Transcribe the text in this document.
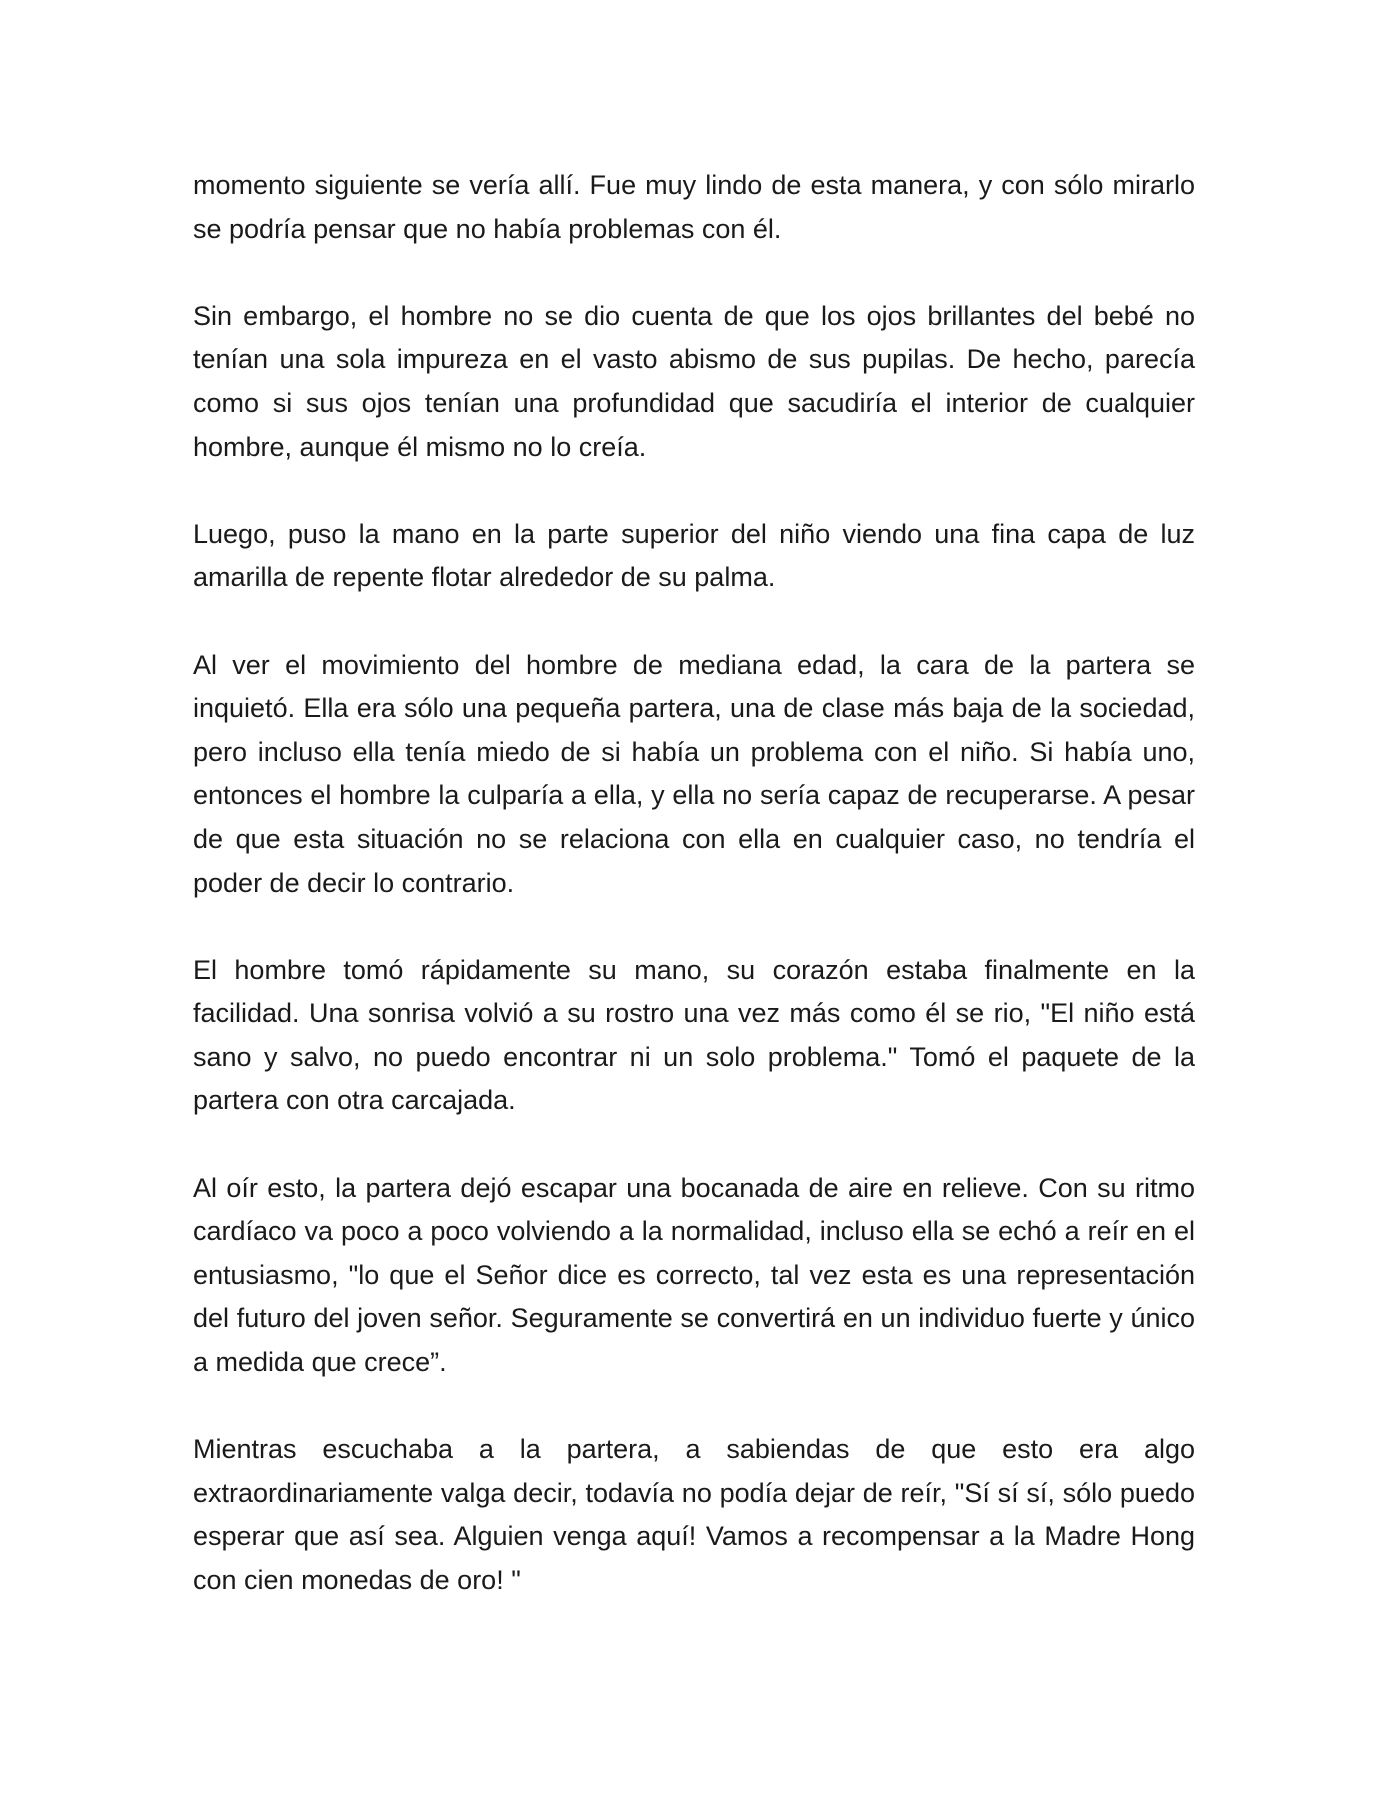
momento siguiente se vería allí. Fue muy lindo de esta manera, y con sólo mirarlo se podría pensar que no había problemas con él.

Sin embargo, el hombre no se dio cuenta de que los ojos brillantes del bebé no tenían una sola impureza en el vasto abismo de sus pupilas. De hecho, parecía como si sus ojos tenían una profundidad que sacudiría el interior de cualquier hombre, aunque él mismo no lo creía.

Luego, puso la mano en la parte superior del niño viendo una fina capa de luz amarilla de repente flotar alrededor de su palma.

Al ver el movimiento del hombre de mediana edad, la cara de la partera se inquietó. Ella era sólo una pequeña partera, una de clase más baja de la sociedad, pero incluso ella tenía miedo de si había un problema con el niño. Si había uno, entonces el hombre la culparía a ella, y ella no sería capaz de recuperarse. A pesar de que esta situación no se relaciona con ella en cualquier caso, no tendría el poder de decir lo contrario.

El hombre tomó rápidamente su mano, su corazón estaba finalmente en la facilidad. Una sonrisa volvió a su rostro una vez más como él se rio, "El niño está sano y salvo, no puedo encontrar ni un solo problema." Tomó el paquete de la partera con otra carcajada.

Al oír esto, la partera dejó escapar una bocanada de aire en relieve. Con su ritmo cardíaco va poco a poco volviendo a la normalidad, incluso ella se echó a reír en el entusiasmo, "lo que el Señor dice es correcto, tal vez esta es una representación del futuro del joven señor. Seguramente se convertirá en un individuo fuerte y único a medida que crece”.

Mientras escuchaba a la partera, a sabiendas de que esto era algo extraordinariamente valga decir, todavía no podía dejar de reír, "Sí sí sí, sólo puedo esperar que así sea. Alguien venga aquí! Vamos a recompensar a la Madre Hong con cien monedas de oro! "
